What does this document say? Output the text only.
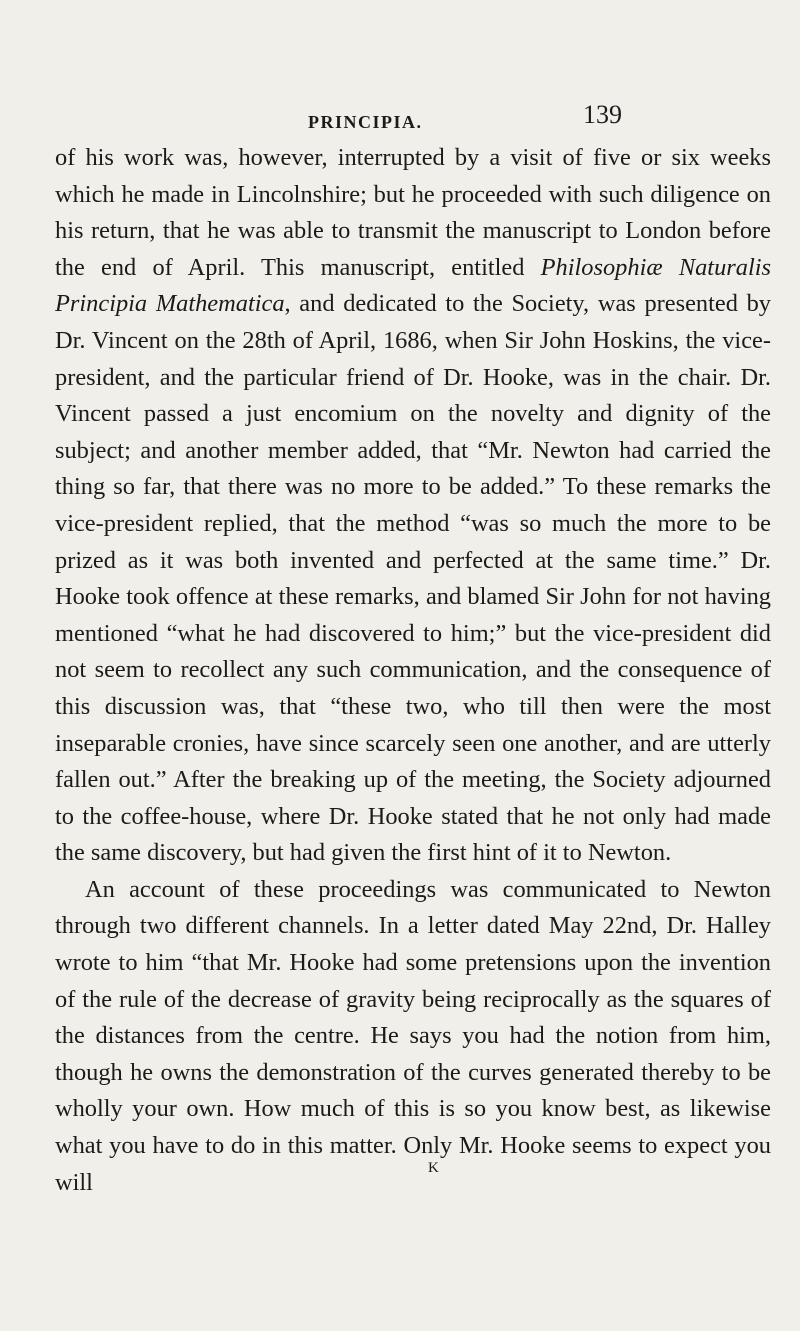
PRINCIPIA.	139

of his work was, however, interrupted by a visit of five or six weeks which he made in Lincolnshire; but he proceeded with such diligence on his return, that he was able to transmit the manuscript to London before the end of April. This manuscript, entitled Philosophiæ Naturalis Principia Mathematica, and dedicated to the Society, was presented by Dr. Vincent on the 28th of April, 1686, when Sir John Hoskins, the vice-president, and the particular friend of Dr. Hooke, was in the chair. Dr. Vincent passed a just encomium on the novelty and dignity of the subject; and another member added, that “Mr. Newton had carried the thing so far, that there was no more to be added.” To these remarks the vice-president replied, that the method “was so much the more to be prized as it was both invented and perfected at the same time.” Dr. Hooke took offence at these remarks, and blamed Sir John for not having mentioned “what he had discovered to him;” but the vice-president did not seem to recollect any such communication, and the consequence of this discussion was, that “these two, who till then were the most inseparable cronies, have since scarcely seen one another, and are utterly fallen out.” After the breaking up of the meeting, the Society adjourned to the coffee-house, where Dr. Hooke stated that he not only had made the same discovery, but had given the first hint of it to Newton.

An account of these proceedings was communicated to Newton through two different channels. In a letter dated May 22nd, Dr. Halley wrote to him “that Mr. Hooke had some pretensions upon the invention of the rule of the decrease of gravity being reciprocally as the squares of the distances from the centre. He says you had the notion from him, though he owns the demonstration of the curves generated thereby to be wholly your own. How much of this is so you know best, as likewise what you have to do in this matter. Only Mr. Hooke seems to expect you will

K
